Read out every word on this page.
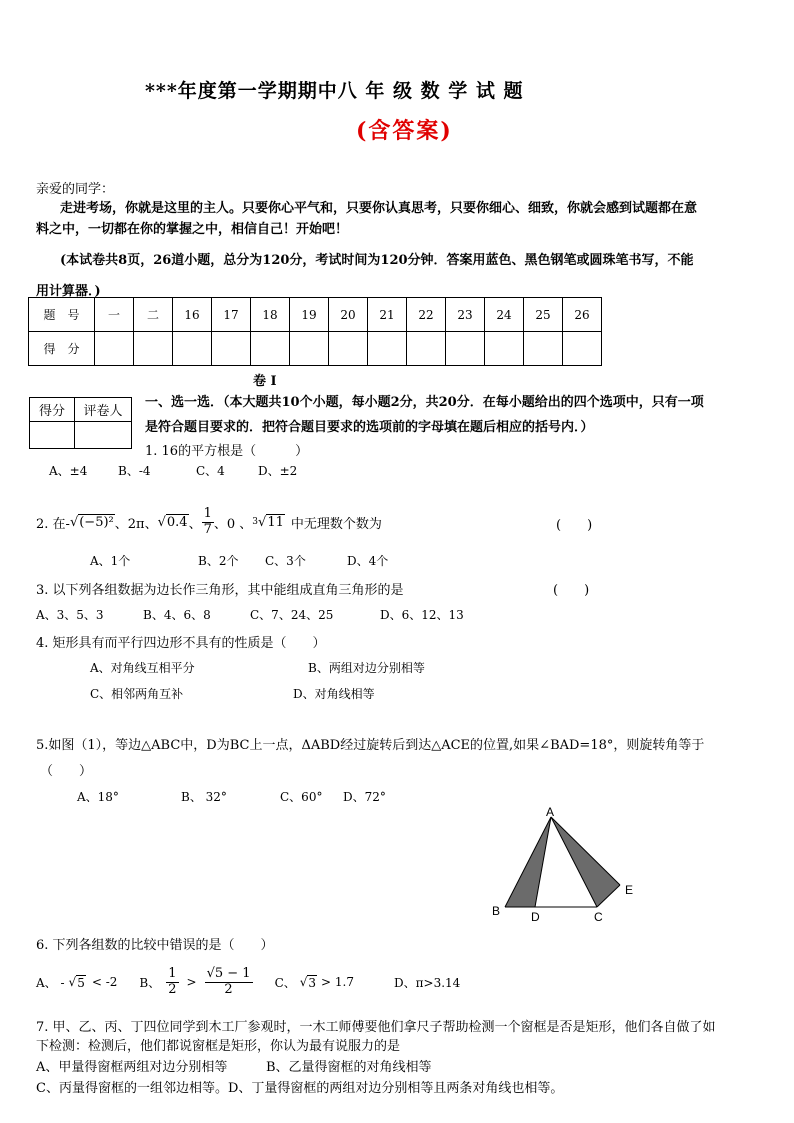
***年度第一学期期中八 年 级 数 学 试 题
(含答案)
亲爱的同学：
走进考场，你就是这里的主人。只要你心平气和，只要你认真思考，只要你细心、细致，你就会感到试题都在意
料之中，一切都在你的掌握之中，相信自己！开始吧！
(本试卷共8页，26道小题，总分为120分，考试时间为120分钟．答案用蓝色、黑色钢笔或圆珠笔书写，不能
用计算器．)
题　号	一	二	16	17	18	19	20	21	22	23	24	25	26
得　分													
卷 I
得分	评卷人

一、选一选．（本大题共10个小题，每小题2分，共20分．在每小题给出的四个选项中，只有一项
是符合题目要求的．把符合题目要求的选项前的字母填在题后相应的括号内．）
1. 16的平方根是（　　　）
A、±4	B、-4	C、4	D、±2
2. 在- √ (−5)² 、2π、 √ 0.4 、 $\frac{1}{7}$ 、0 、 3 √ 11 中无理数个数为	(　　)
A、1个	B、2个 C、3个	D、4个
3. 以下列各组数据为边长作三角形，其中能组成直角三角形的是	(　　)
A、3、5、3	B、4、6、8	C、7、24、25	D、6、12、13
4. 矩形具有而平行四边形不具有的性质是（　　）
A、对角线互相平分	B、两组对边分别相等
C、相邻两角互补	D、对角线相等
5.如图（1），等边△ABC中，D为BC上一点，ΔABD经过旋转后到达△ACE的位置,如果∠BAD=18°，则旋转角等于
（　　）
A、18°	B、 32°	C、60° D、72°
A
B	D	C
E
6. 下列各组数的比较中错误的是（　　）
A、 - √ 5 < -2 B、 $\frac{1}{2} > \frac{√5 - 1}{2}$ C、 √ 3 > 1.7	D、π>3.14
7. 甲、乙、丙、丁四位同学到木工厂参观时，一木工师傅要他们拿尺子帮助检测一个窗框是否是矩形，他们各自做了如
下检测：检测后，他们都说窗框是矩形，你认为最有说服力的是
A、甲量得窗框两组对边分别相等	B、乙量得窗框的对角线相等
C、丙量得窗框的一组邻边相等。D、丁量得窗框的两组对边分别相等且两条对角线也相等。
